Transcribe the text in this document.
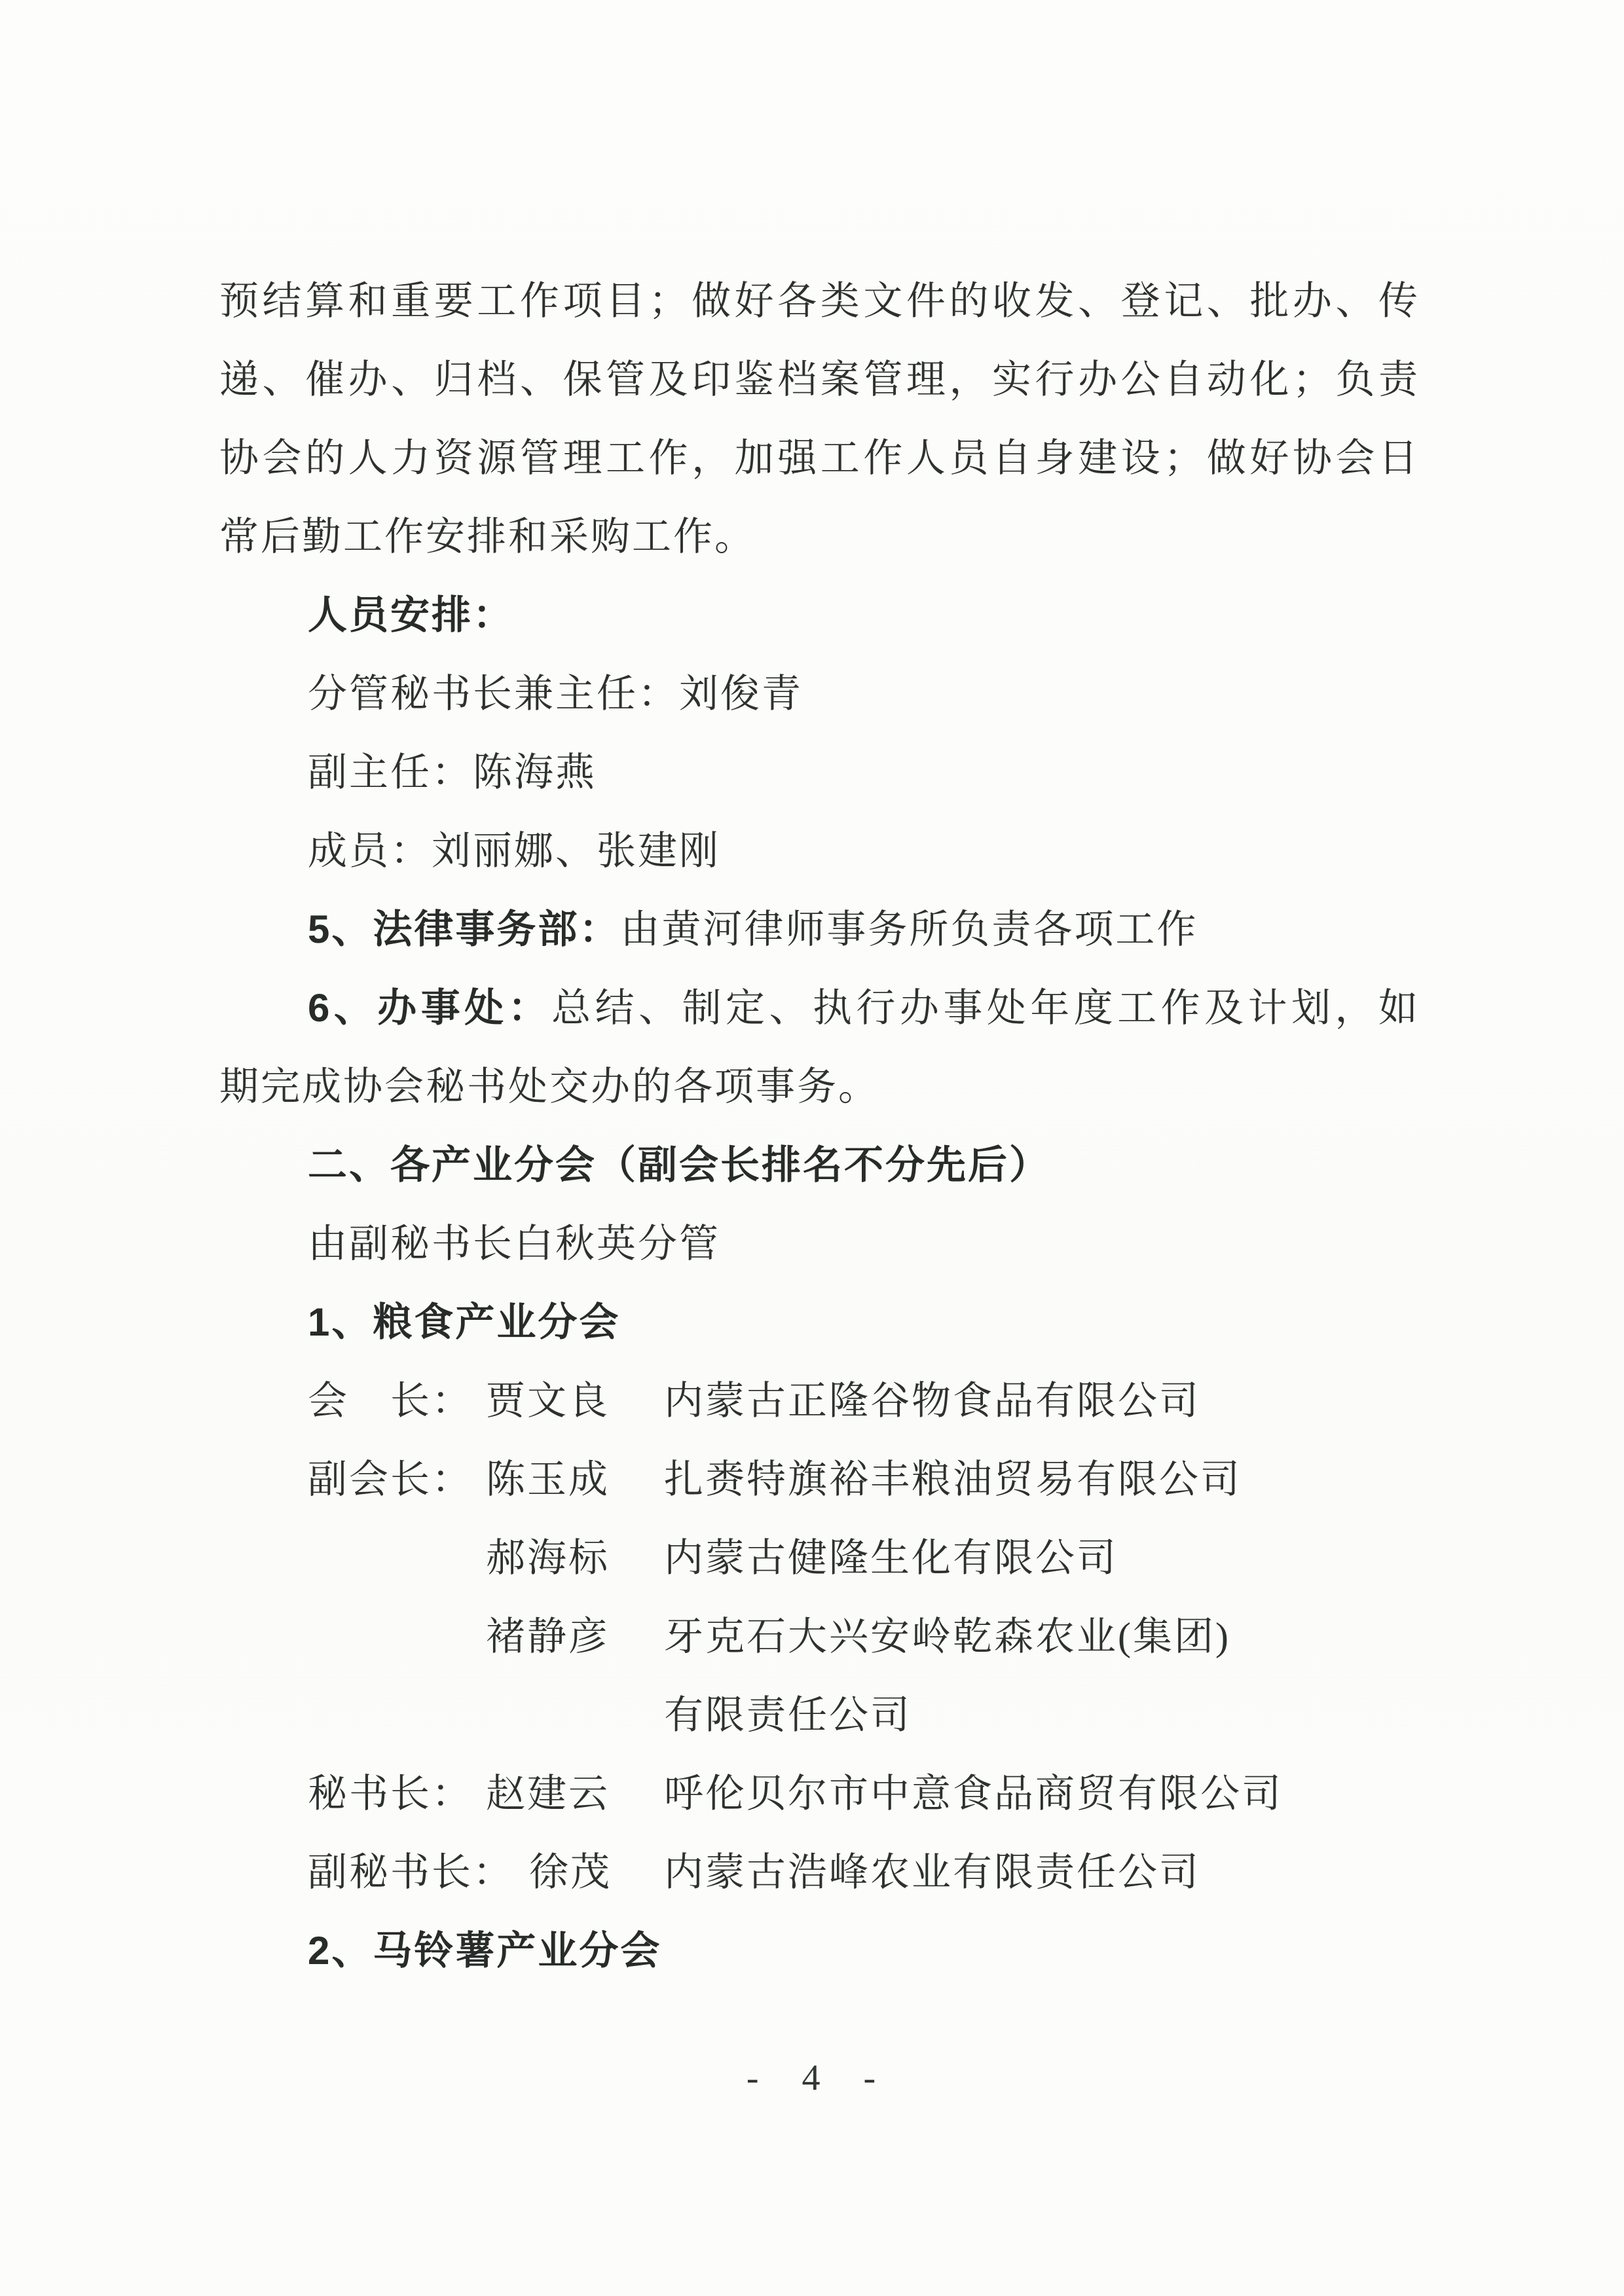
预结算和重要工作项目；做好各类文件的收发、登记、批办、传
递、催办、归档、保管及印鉴档案管理，实行办公自动化；负责
协会的人力资源管理工作，加强工作人员自身建设；做好协会日
常后勤工作安排和采购工作。
人员安排：
分管秘书长兼主任：刘俊青
副主任：陈海燕
成员：刘丽娜、张建刚
5、法律事务部：由黄河律师事务所负责各项工作
6、办事处：总结、制定、执行办事处年度工作及计划，如
期完成协会秘书处交办的各项事务。
二、各产业分会（副会长排名不分先后）
由副秘书长白秋英分管
1、粮食产业分会
会　长： 贾文良 内蒙古正隆谷物食品有限公司
副会长： 陈玉成 扎赉特旗裕丰粮油贸易有限公司
郝海标 内蒙古健隆生化有限公司
褚静彦 牙克石大兴安岭乾森农业(集团)
有限责任公司
秘书长： 赵建云 呼伦贝尔市中意食品商贸有限公司
副秘书长： 徐茂 内蒙古浩峰农业有限责任公司
2、马铃薯产业分会
- 4 -
